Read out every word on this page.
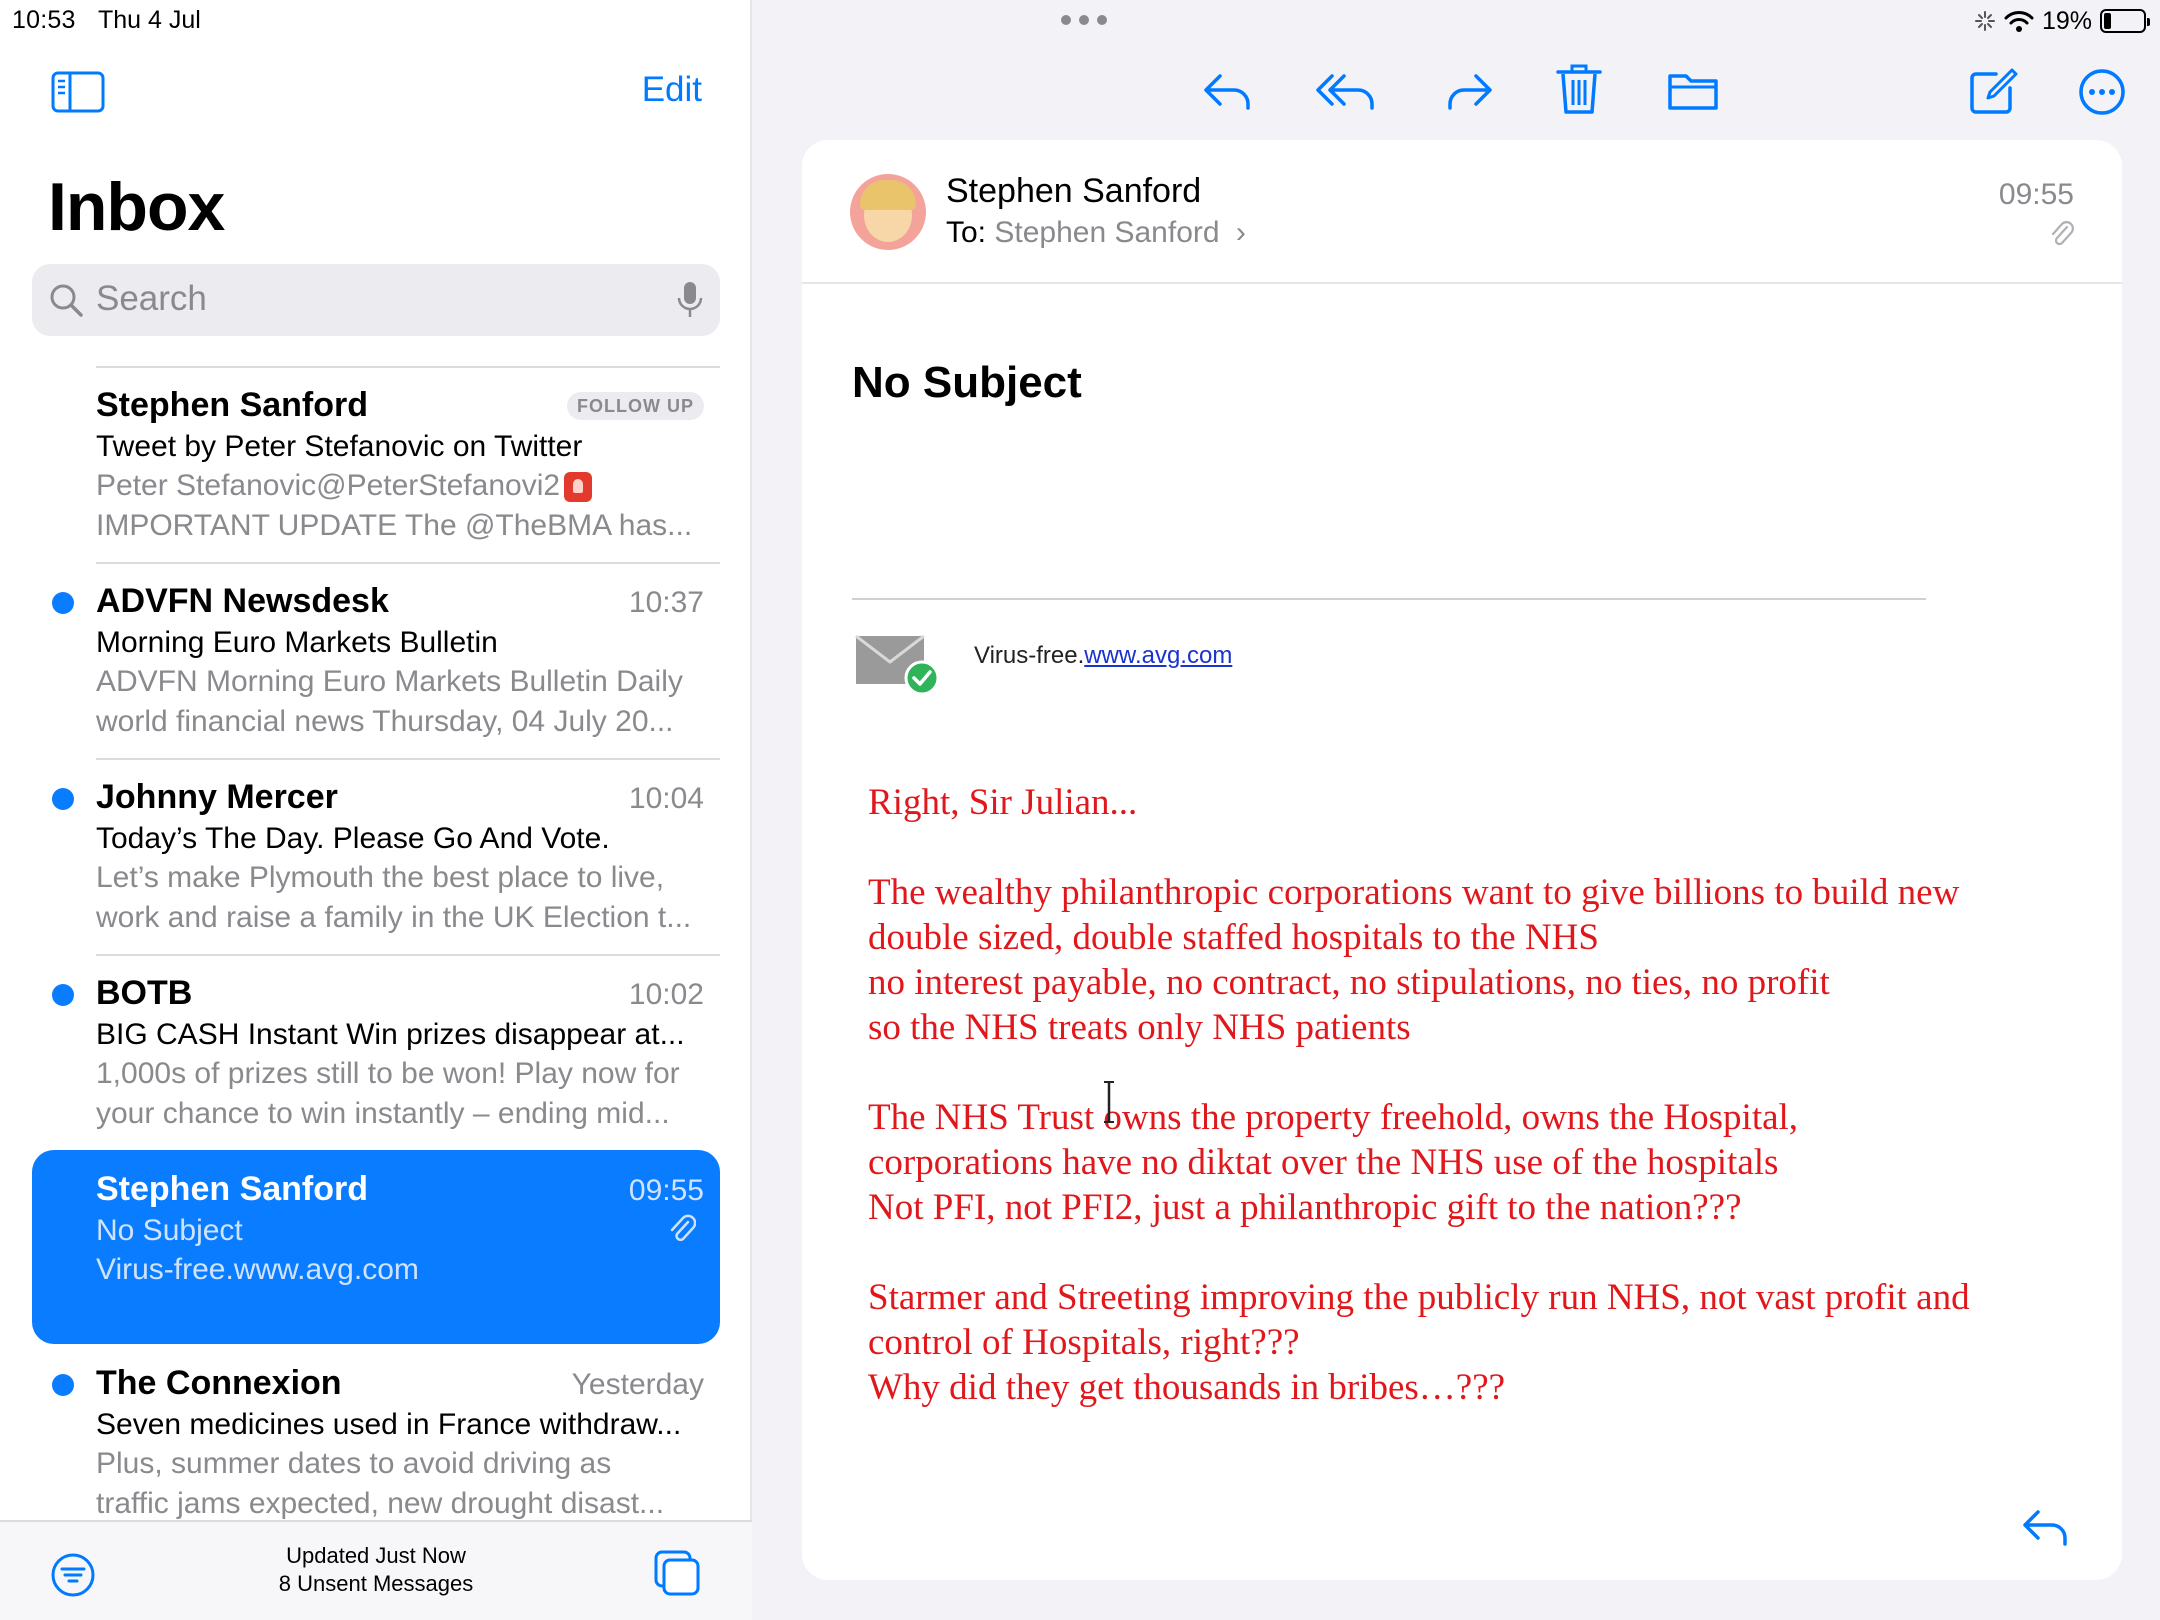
10:53 Thu 4 Jul
Edit
Inbox
Search
Stephen Sanford	FOLLOW UP
Tweet by Peter Stefanovic on Twitter
Peter Stefanovic@PeterStefanovi2
IMPORTANT UPDATE The @TheBMA has...
ADVFN Newsdesk	10:37
Morning Euro Markets Bulletin
ADVFN Morning Euro Markets Bulletin Daily
world financial news Thursday, 04 July 20...
Johnny Mercer	10:04
Today’s The Day. Please Go And Vote.
Let’s make Plymouth the best place to live,
work and raise a family in the UK Election t...
BOTB	10:02
BIG CASH Instant Win prizes disappear at...
1,000s of prizes still to be won! Play now for
your chance to win instantly – ending mid...
Stephen Sanford	09:55
No Subject
Virus-free.www.avg.com
The Connexion	Yesterday
Seven medicines used in France withdraw...
Plus, summer dates to avoid driving as
traffic jams expected, new drought disast...
Updated Just Now
8 Unsent Messages
19%
Stephen Sanford
To: Stephen Sanford ›
09:55
No Subject
Virus-free.www.avg.com

Right, Sir Julian...

The wealthy philanthropic corporations want to give billions to build new
double sized, double staffed hospitals to the NHS
no interest payable, no contract, no stipulations, no ties, no profit
so the NHS treats only NHS patients

The NHS Trust owns the property freehold, owns the Hospital,
corporations have no diktat over the NHS use of the hospitals
Not PFI, not PFI2, just a philanthropic gift to the nation???

Starmer and Streeting improving the publicly run NHS, not vast profit and
control of Hospitals, right???
Why did they get thousands in bribes…???
